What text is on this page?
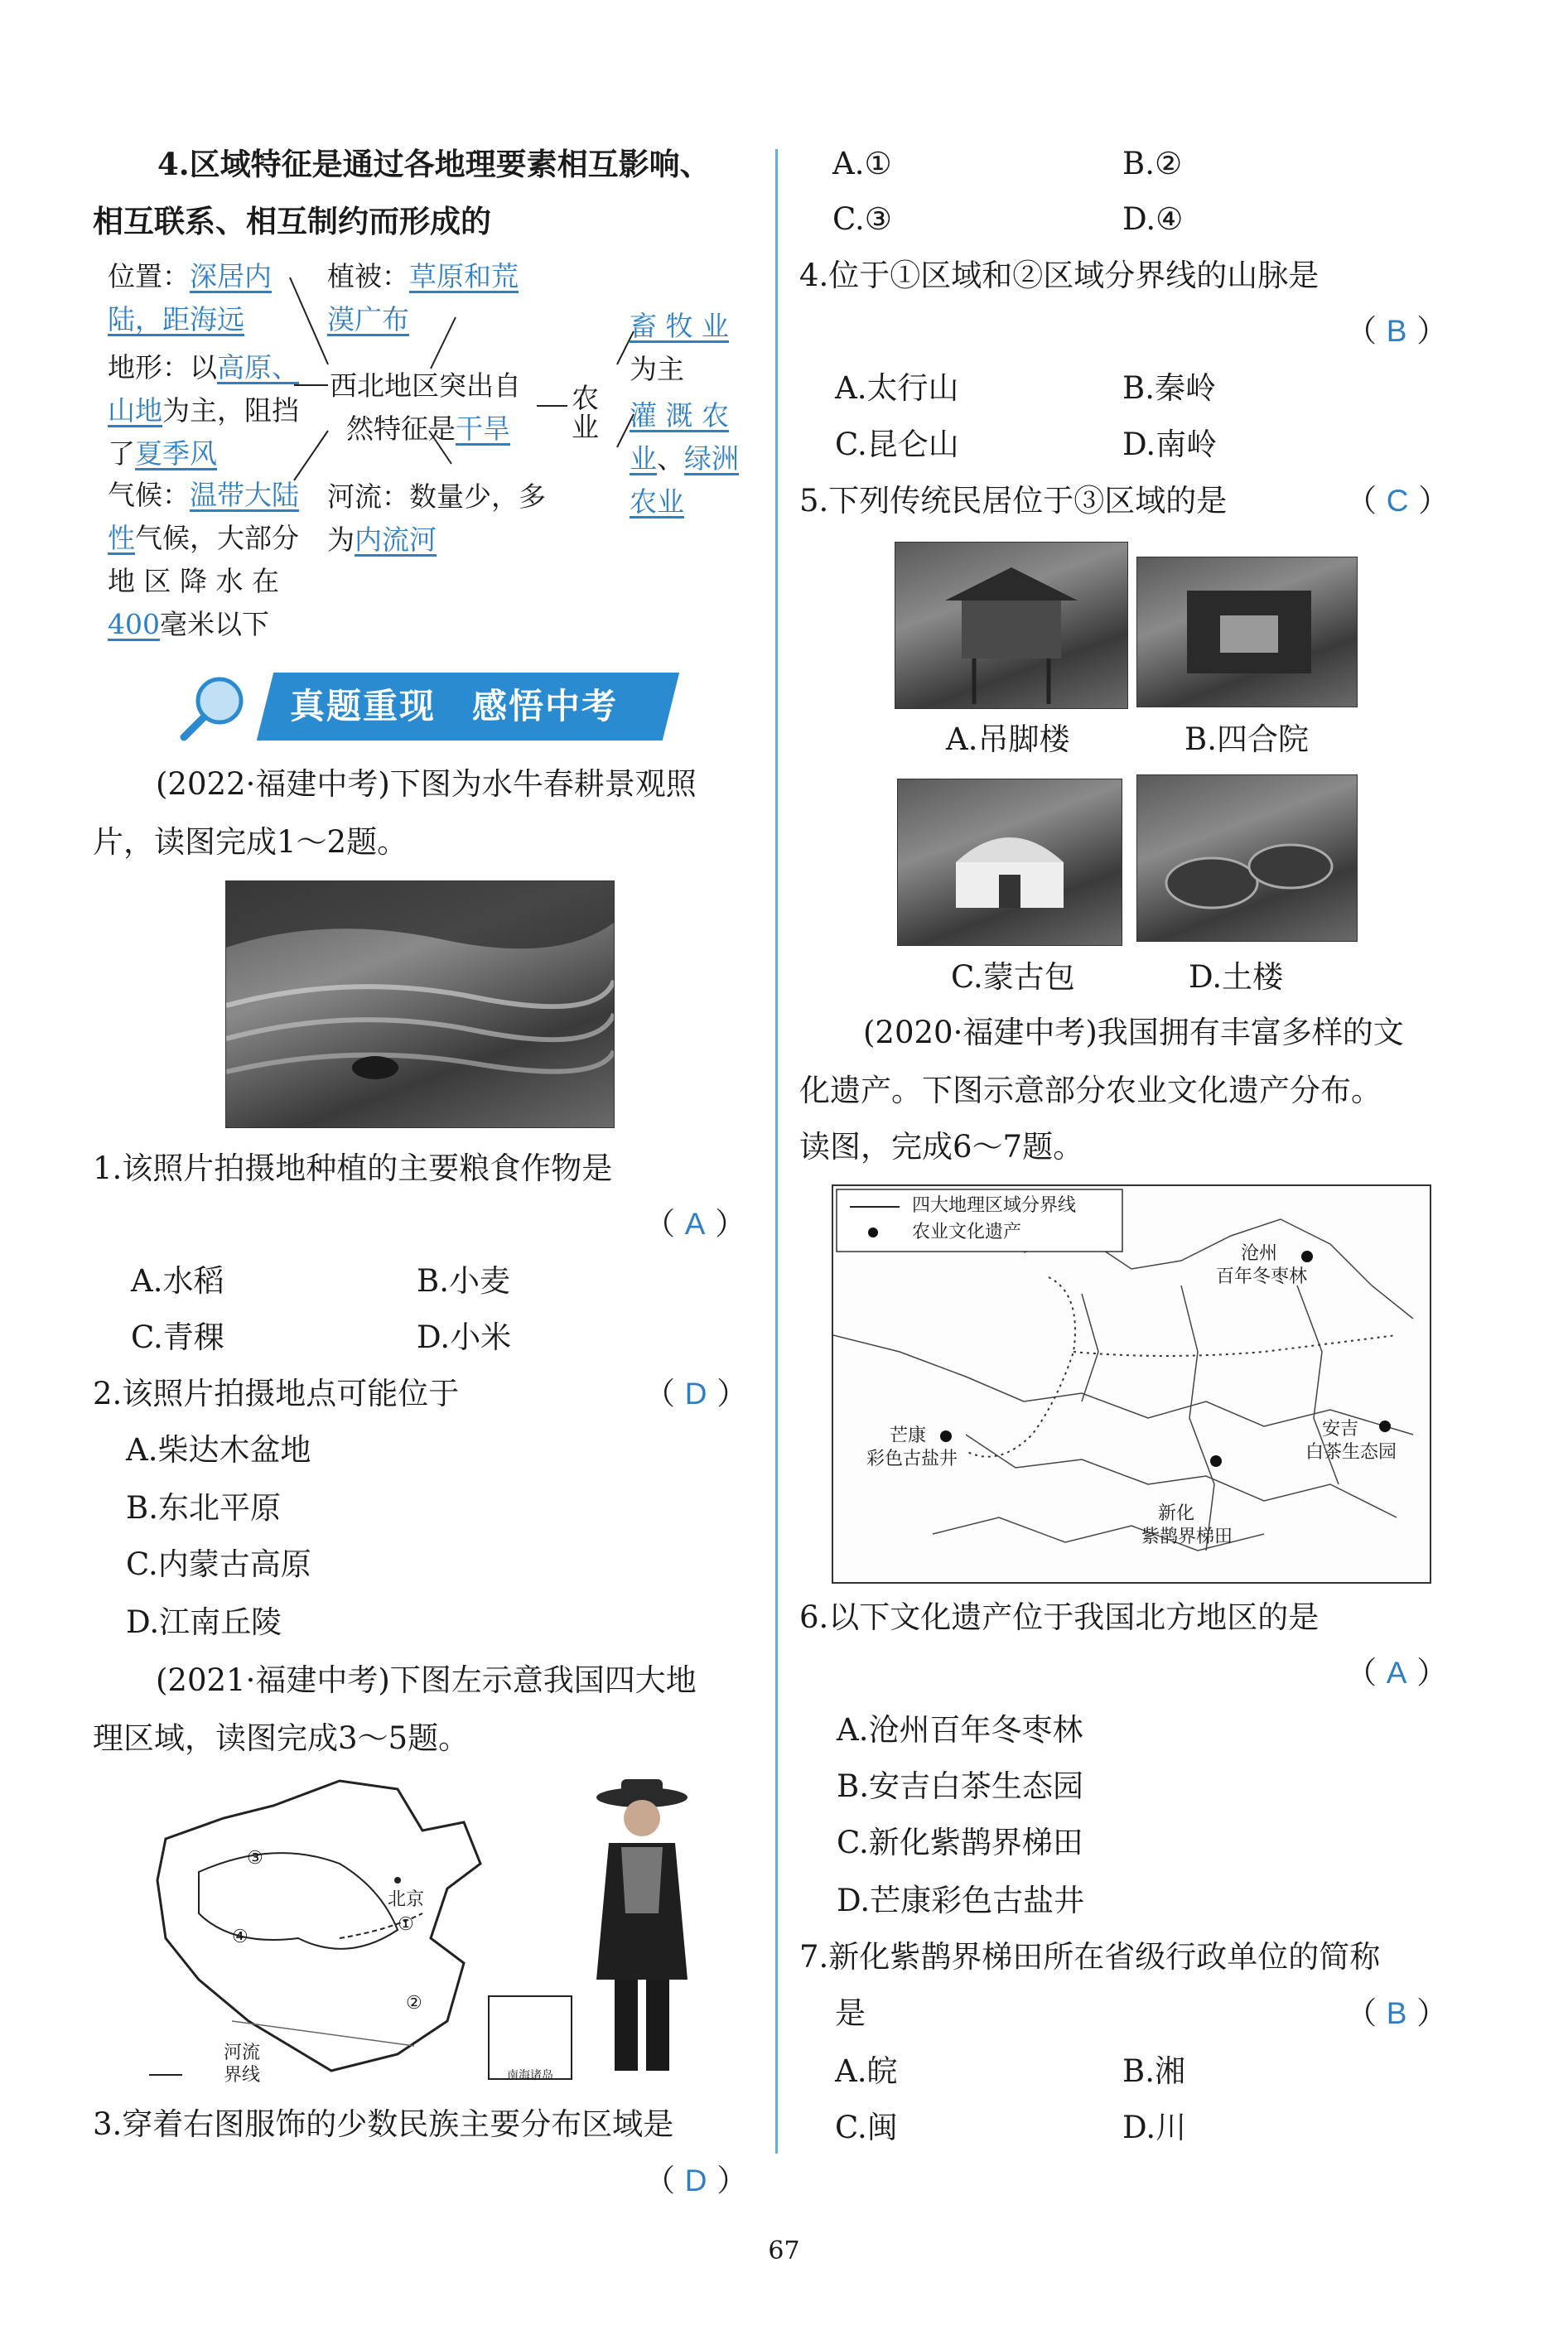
4.区域特征是通过各地理要素相互影响、
相互联系、相互制约而形成的
位置：深居内
陆，距海远
植被：草原和荒
漠广布
地形：以高原、
山地为主，阻挡
了夏季风
西北地区突出自
然特征是干旱
气候：温带大陆
性气候，大部分
地 区 降 水 在
400毫米以下
河流：数量少，多
为内流河
农
业
畜 牧 业
为主
灌 溉 农
业、绿洲
农业
真题重现　感悟中考
(2022·福建中考)下图为水牛春耕景观照
片，读图完成1～2题。
1.该照片拍摄地种植的主要粮食作物是
（ A ）
A.水稻	B.小麦
C.青稞	D.小米
2.该照片拍摄地点可能位于	（ D ）
A.柴达木盆地
B.东北平原
C.内蒙古高原
D.江南丘陵
(2021·福建中考)下图左示意我国四大地
理区域，读图完成3～5题。
③
④
①
②
北京
河流
界线	南海诸岛
3.穿着右图服饰的少数民族主要分布区域是
（ D ）
A.①	B.②
C.③	D.④
4.位于①区域和②区域分界线的山脉是
（ B ）
A.太行山	B.秦岭
C.昆仑山	D.南岭
5.下列传统民居位于③区域的是	（ C ）
A.吊脚楼	B.四合院
C.蒙古包	D.土楼
(2020·福建中考)我国拥有丰富多样的文
化遗产。下图示意部分农业文化遗产分布。
读图，完成6～7题。
四大地理区域分界线
农业文化遗产
沧州
百年冬枣林
安吉
白茶生态园
新化
紫鹊界梯田
芒康
彩色古盐井
6.以下文化遗产位于我国北方地区的是
（ A ）
A.沧州百年冬枣林
B.安吉白茶生态园
C.新化紫鹊界梯田
D.芒康彩色古盐井
7.新化紫鹊界梯田所在省级行政单位的简称
是	（ B ）
A.皖	B.湘
C.闽	D.川
67
